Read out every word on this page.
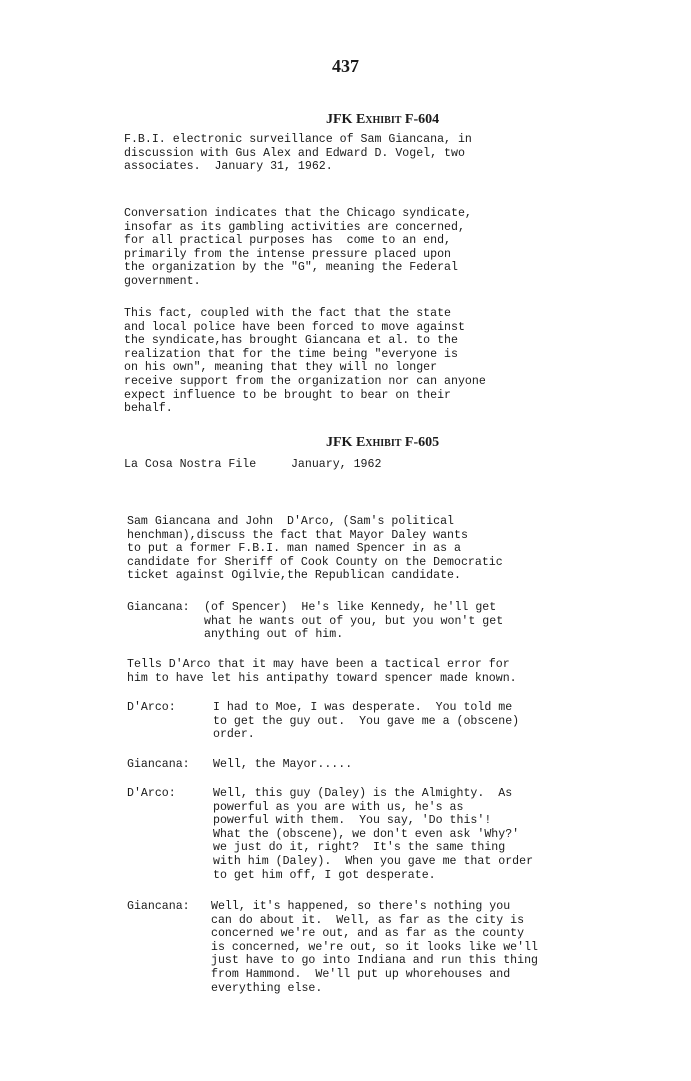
437
JFK Exhibit F-604
F.B.I. electronic surveillance of Sam Giancana, in
discussion with Gus Alex and Edward D. Vogel, two
associates.  January 31, 1962.
Conversation indicates that the Chicago syndicate,
insofar as its gambling activities are concerned,
for all practical purposes has  come to an end,
primarily from the intense pressure placed upon
the organization by the "G", meaning the Federal
government.
This fact, coupled with the fact that the state
and local police have been forced to move against
the syndicate,has brought Giancana et al. to the
realization that for the time being "everyone is
on his own", meaning that they will no longer
receive support from the organization nor can anyone
expect influence to be brought to bear on their
behalf.
JFK Exhibit F-605
La Cosa Nostra File     January, 1962
Sam Giancana and John  D'Arco, (Sam's political
henchman),discuss the fact that Mayor Daley wants
to put a former F.B.I. man named Spencer in as a
candidate for Sheriff of Cook County on the Democratic
ticket against Ogilvie,the Republican candidate.
Giancana: (of Spencer)  He's like Kennedy, he'll get
what he wants out of you, but you won't get
anything out of him.
Tells D'Arco that it may have been a tactical error for
him to have let his antipathy toward spencer made known.
D'Arco:	I had to Moe, I was desperate.  You told me
to get the guy out.  You gave me a (obscene)
order.
Giancana: Well, the Mayor.....
D'Arco:	Well, this guy (Daley) is the Almighty.  As
powerful as you are with us, he's as
powerful with them.  You say, 'Do this'!
What the (obscene), we don't even ask 'Why?'
we just do it, right?  It's the same thing
with him (Daley).  When you gave me that order
to get him off, I got desperate.
Giancana: Well, it's happened, so there's nothing you
can do about it.  Well, as far as the city is
concerned we're out, and as far as the county
is concerned, we're out, so it looks like we'll
just have to go into Indiana and run this thing
from Hammond.  We'll put up whorehouses and
everything else.
